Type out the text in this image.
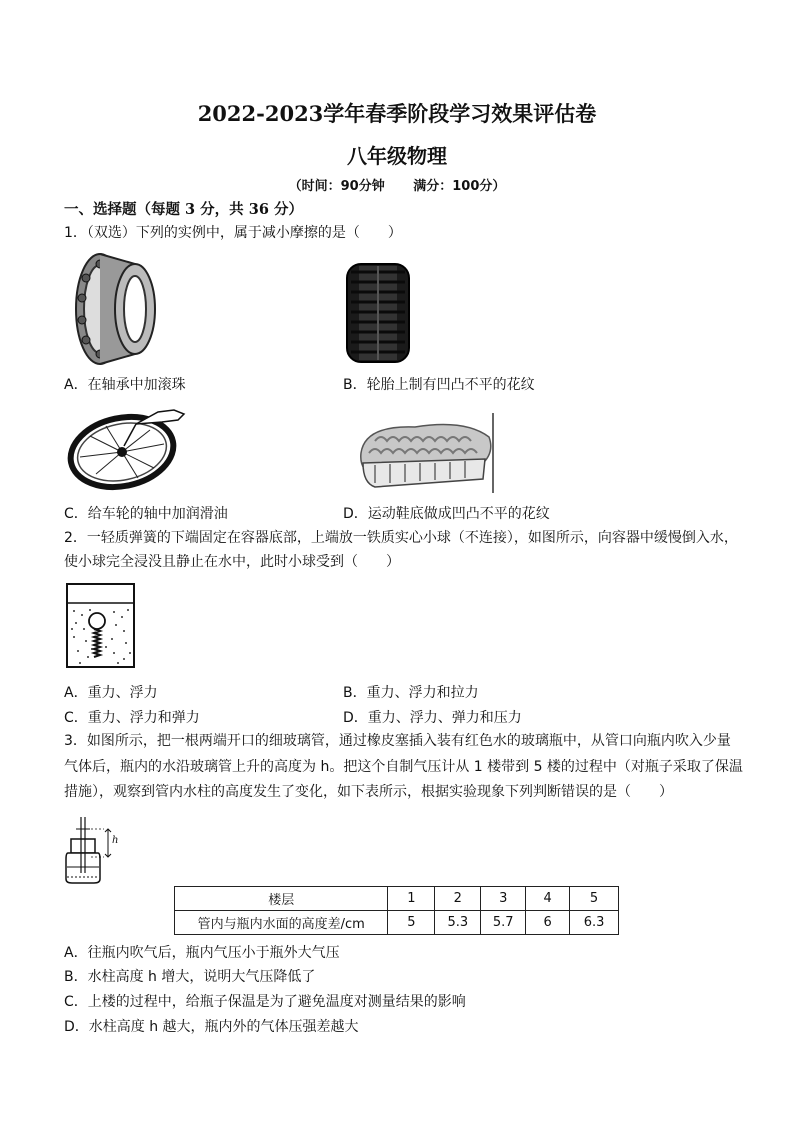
2022-2023学年春季阶段学习效果评估卷
八年级物理
（时间：90分钟 满分：100分）
一、选择题（每题 3 分，共 36 分）
1．（双选）下列的实例中，属于减小摩擦的是（　　）
A．在轴承中加滚珠	B．轮胎上制有凹凸不平的花纹
C．给车轮的轴中加润滑油	D．运动鞋底做成凹凸不平的花纹
2．一轻质弹簧的下端固定在容器底部，上端放一铁质实心小球（不连接），如图所示，向容器中缓慢倒入水，
使小球完全浸没且静止在水中，此时小球受到（　　）
A．重力、浮力	B．重力、浮力和拉力
C．重力、浮力和弹力	D．重力、浮力、弹力和压力
3．如图所示，把一根两端开口的细玻璃管，通过橡皮塞插入装有红色水的玻璃瓶中，从管口向瓶内吹入少量
气体后，瓶内的水沿玻璃管上升的高度为 h。把这个自制气压计从 1 楼带到 5 楼的过程中（对瓶子采取了保温
措施），观察到管内水柱的高度发生了变化，如下表所示，根据实验现象下列判断错误的是（　　）
h
楼层	1	2	3	4	5
管内与瓶内水面的高度差/cm	5	5.3	5.7	6	6.3
A．往瓶内吹气后，瓶内气压小于瓶外大气压
B．水柱高度 h 增大，说明大气压降低了
C．上楼的过程中，给瓶子保温是为了避免温度对测量结果的影响
D．水柱高度 h 越大，瓶内外的气体压强差越大
